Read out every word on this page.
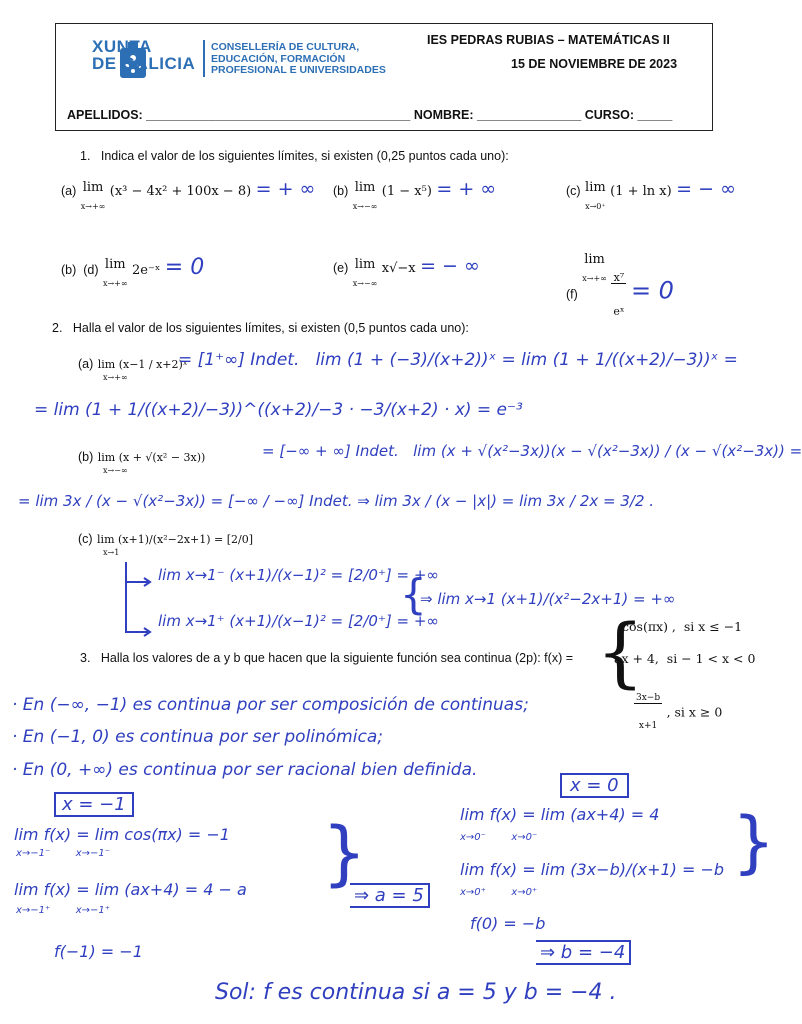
XUNTA
DE GALICIA
CONSELLERÍA DE CULTURA,
EDUCACIÓN, FORMACIÓN
PROFESIONAL E UNIVERSIDADES
IES PEDRAS RUBIAS – MATEMÁTICAS II
15 DE NOVIEMBRE DE 2023
APELLIDOS: ______________________________________ NOMBRE: _______________ CURSO: _____
1.   Indica el valor de los siguientes límites, si existen (0,25 puntos cada uno):
(a) lim
x→+∞ (x³ − 4x² + 100x − 8) = + ∞ (b) lim
x→−∞ (1 − x⁵) = + ∞	(c) lim
x→0⁺ (1 + ln x) = − ∞
(b)  (d) lim
x→+∞ 2e⁻ˣ = 0	(e) lim
x→−∞ x√−x = − ∞
(f) lim
x→+∞
$\frac{\text{x⁷}}{\text{eˣ}} = 0$
2.   Halla el valor de los siguientes límites, si existen (0,5 puntos cada uno):
(a) lim (x−1 / x+2)ˣ
x→+∞
= [1⁺∞] Indet.   lim (1 + (−3)/(x+2))ˣ = lim (1 + 1/((x+2)/−3))ˣ =
= lim (1 + 1/((x+2)/−3))^((x+2)/−3 · −3/(x+2) · x) = e⁻³
(b) lim (x + √(x² − 3x))
x→−∞
= [−∞ + ∞] Indet.   lim (x + √(x²−3x))(x − √(x²−3x)) / (x − √(x²−3x)) =
= lim 3x / (x − √(x²−3x)) = [−∞ / −∞] Indet. ⇒ lim 3x / (x − |x|) = lim 3x / 2x = 3/2 .
(c) lim (x+1)/(x²−2x+1) = [2/0]
x→1
lim x→1⁻ (x+1)/(x−1)² = [2/0⁺] = +∞
lim x→1⁺ (x+1)/(x−1)² = [2/0⁺] = +∞
{
⇒ lim x→1 (x+1)/(x²−2x+1) = +∞
3.   Halla los valores de a y b que hacen que la siguiente función sea continua (2p): f(x) = {
cos(πx) ,  si x ≤ −1
ax + 4,  si − 1 < x < 0

$\frac{3x-b}{x+1}$ , si x ≥ 0
· En (−∞, −1) es continua por ser composición de continuas;
· En (−1, 0) es continua por ser polinómica;
· En (0, +∞) es continua por ser racional bien definida.
x = −1
x = 0
lim f(x) = lim cos(πx) = −1
x→−1⁻        x→−1⁻
lim f(x) = lim (ax+4) = 4 − a
x→−1⁺        x→−1⁺
f(−1) = −1
}
⇒ a = 5
lim f(x) = lim (ax+4) = 4
x→0⁻        x→0⁻
lim f(x) = lim (3x−b)/(x+1) = −b
x→0⁺        x→0⁺
f(0) = −b
}
⇒ b = −4
Sol: f es continua si a = 5 y b = −4 .
